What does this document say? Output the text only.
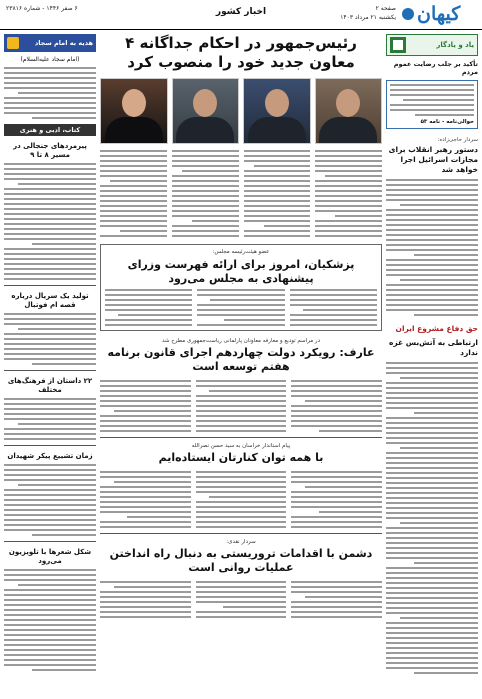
کیهان
صفحه ۲
یکشنبه ۲۱ مرداد ۱۴۰۳
اخبار کشور
۶ صفر ۱۴۴۶ - شماره ۲۳۸۱۶
یاد و یادگار
تأکید بر جلب رضایت عموم مردم
حوالی‌نامه - نامه ۵۳
سردار حاجی‌زاده:
دستور رهبر انقلاب برای مجازات اسرائیل اجرا خواهد شد
حق دفاع مشروع ایران
ارتباطی به آتش‌بس غزه ندارد
رئیس‌جمهور در احکام جداگانه ۴ معاون جدید خود را منصوب کرد
عضو هیئت‌رئیسه مجلس:
پزشکیان، امروز برای ارائه فهرست وزرای پیشنهادی به مجلس می‌رود
در مراسم تودیع و معارفه معاونان پارلمانی ریاست‌جمهوری مطرح شد
عارف: رویکرد دولت چهاردهم اجرای قانون برنامه هفتم توسعه است
پیام استاندار خراسان به سید حسن نصرالله
با همه توان کنارتان ایستاده‌ایم
سردار نقدی:
دشمن با اقدامات تروریستی به دنبال راه انداختن عملیات روانی است
هدیه به امام سجاد
(امام سجاد علیه‌السلام)
کتاب، ادبی و هنری
پیرمردهای جنجالی در مسیر ۸ تا ۹
تولید یک سریال درباره قصه ام فوتبال
۲۲ داستان از فرهنگ‌های مختلف
زمان تشییع پیکر شهیدان
شکل شعرها با تلویزیون می‌رود
